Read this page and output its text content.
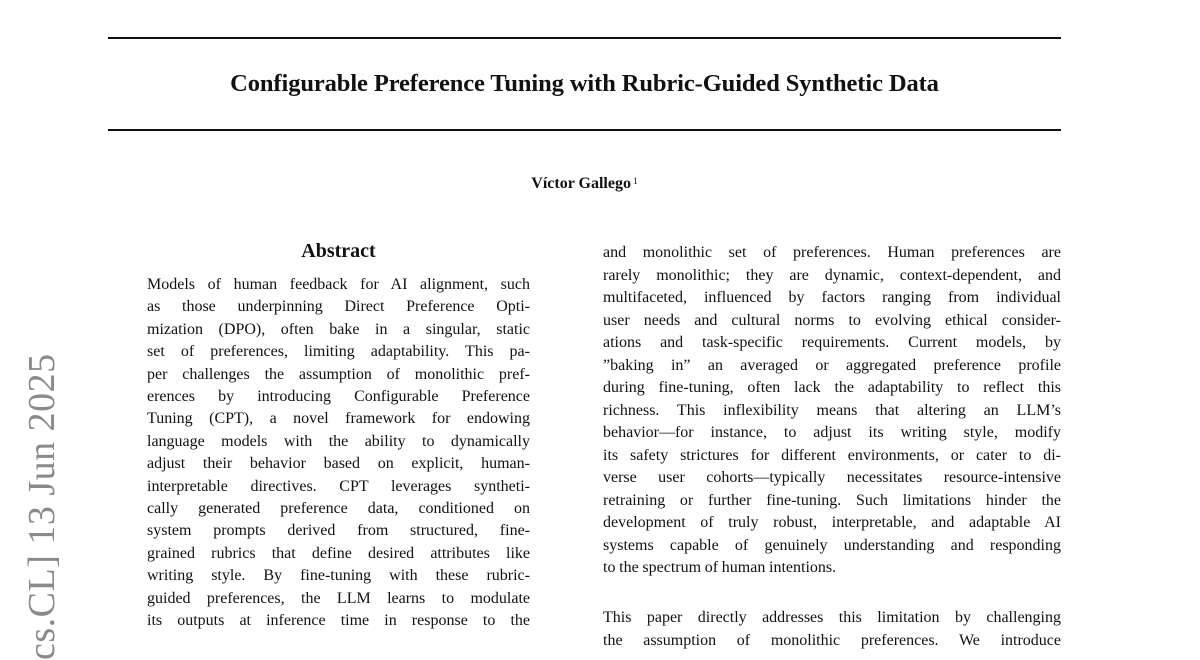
cs.CL] 13 Jun 2025
Configurable Preference Tuning with Rubric-Guided Synthetic Data
Víctor Gallego $^1$
Abstract
Models of human feedback for AI alignment, such
as those underpinning Direct Preference Opti-
mization (DPO), often bake in a singular, static
set of preferences, limiting adaptability. This pa-
per challenges the assumption of monolithic pref-
erences by introducing Configurable Preference
Tuning (CPT), a novel framework for endowing
language models with the ability to dynamically
adjust their behavior based on explicit, human-
interpretable directives. CPT leverages syntheti-
cally generated preference data, conditioned on
system prompts derived from structured, fine-
grained rubrics that define desired attributes like
writing style. By fine-tuning with these rubric-
guided preferences, the LLM learns to modulate
its outputs at inference time in response to the
and monolithic set of preferences. Human preferences are
rarely monolithic; they are dynamic, context-dependent, and
multifaceted, influenced by factors ranging from individual
user needs and cultural norms to evolving ethical consider-
ations and task-specific requirements. Current models, by
”baking in” an averaged or aggregated preference profile
during fine-tuning, often lack the adaptability to reflect this
richness. This inflexibility means that altering an LLM’s
behavior—for instance, to adjust its writing style, modify
its safety strictures for different environments, or cater to di-
verse user cohorts—typically necessitates resource-intensive
retraining or further fine-tuning. Such limitations hinder the
development of truly robust, interpretable, and adaptable AI
systems capable of genuinely understanding and responding
to the spectrum of human intentions.
This paper directly addresses this limitation by challenging
the assumption of monolithic preferences. We introduce
